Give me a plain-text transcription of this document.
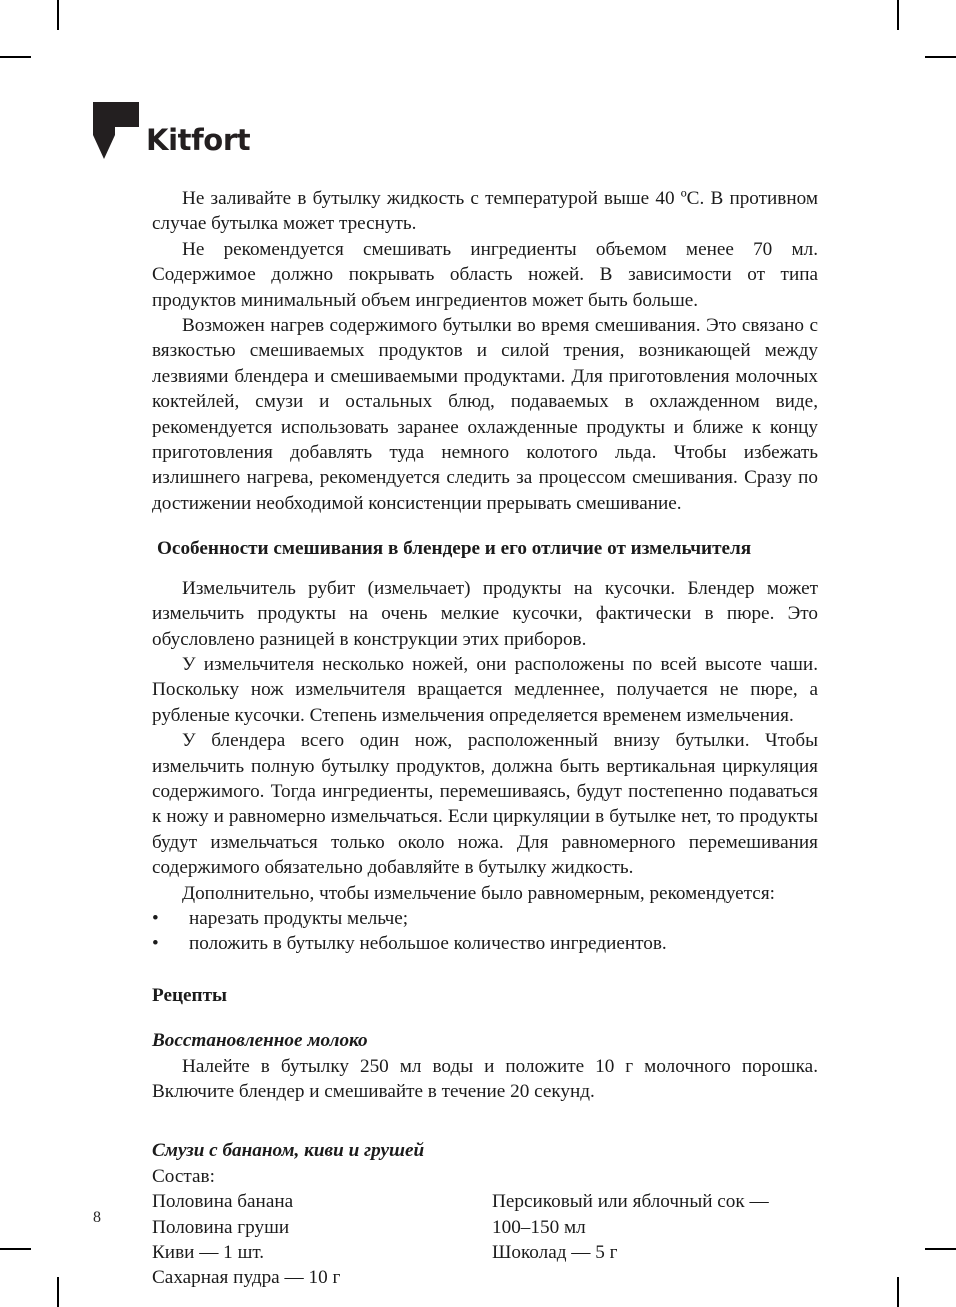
Kitfort

Не заливайте в бутылку жидкость с температурой выше 40 ºC. В противном случае бутылка может треснуть.

Не рекомендуется смешивать ингредиенты объемом менее 70 мл. Содержимое должно покрывать область ножей. В зависимости от типа продуктов минимальный объем ингредиентов может быть больше.

Возможен нагрев содержимого бутылки во время смешивания. Это связано с вязкостью смешиваемых продуктов и силой трения, возникающей между лезвиями блендера и смешиваемыми продуктами. Для приготовления молочных коктейлей, смузи и остальных блюд, подаваемых в охлажденном виде, рекомендуется использовать заранее охлажденные продукты и ближе к концу приготовления добавлять туда немного колотого льда. Чтобы избежать излишнего нагрева, рекомендуется следить за процессом смешивания. Сразу по достижении необходимой консистенции прерывать смешивание.

Особенности смешивания в блендере и его отличие от измельчителя

Измельчитель рубит (измельчает) продукты на кусочки. Блендер может измельчить продукты на очень мелкие кусочки, фактически в пюре. Это обусловлено разницей в конструкции этих приборов.

У измельчителя несколько ножей, они расположены по всей высоте чаши. Поскольку нож измельчителя вращается медленнее, получается не пюре, а рубленые кусочки. Степень измельчения определяется временем измельчения.

У блендера всего один нож, расположенный внизу бутылки. Чтобы измельчить полную бутылку продуктов, должна быть вертикальная циркуляция содержимого. Тогда ингредиенты, перемешиваясь, будут постепенно подаваться к ножу и равномерно измельчаться. Если циркуляции в бутылке нет, то продукты будут измельчаться только около ножа. Для равномерного перемешивания содержимого обязательно добавляйте в бутылку жидкость.

Дополнительно, чтобы измельчение было равномерным, рекомендуется:

• нарезать продукты мельче;
• положить в бутылку небольшое количество ингредиентов.
Рецепты
Восстановленное молоко

Налейте в бутылку 250 мл воды и положите 10 г молочного порошка. Включите блендер и смешивайте в течение 20 секунд.

Смузи с бананом, киви и грушей
Состав:
Половина банана
Половина груши
Киви — 1 шт.
Сахарная пудра — 10 г
Персиковый или яблочный сок —
100–150 мл
Шоколад — 5 г
8
